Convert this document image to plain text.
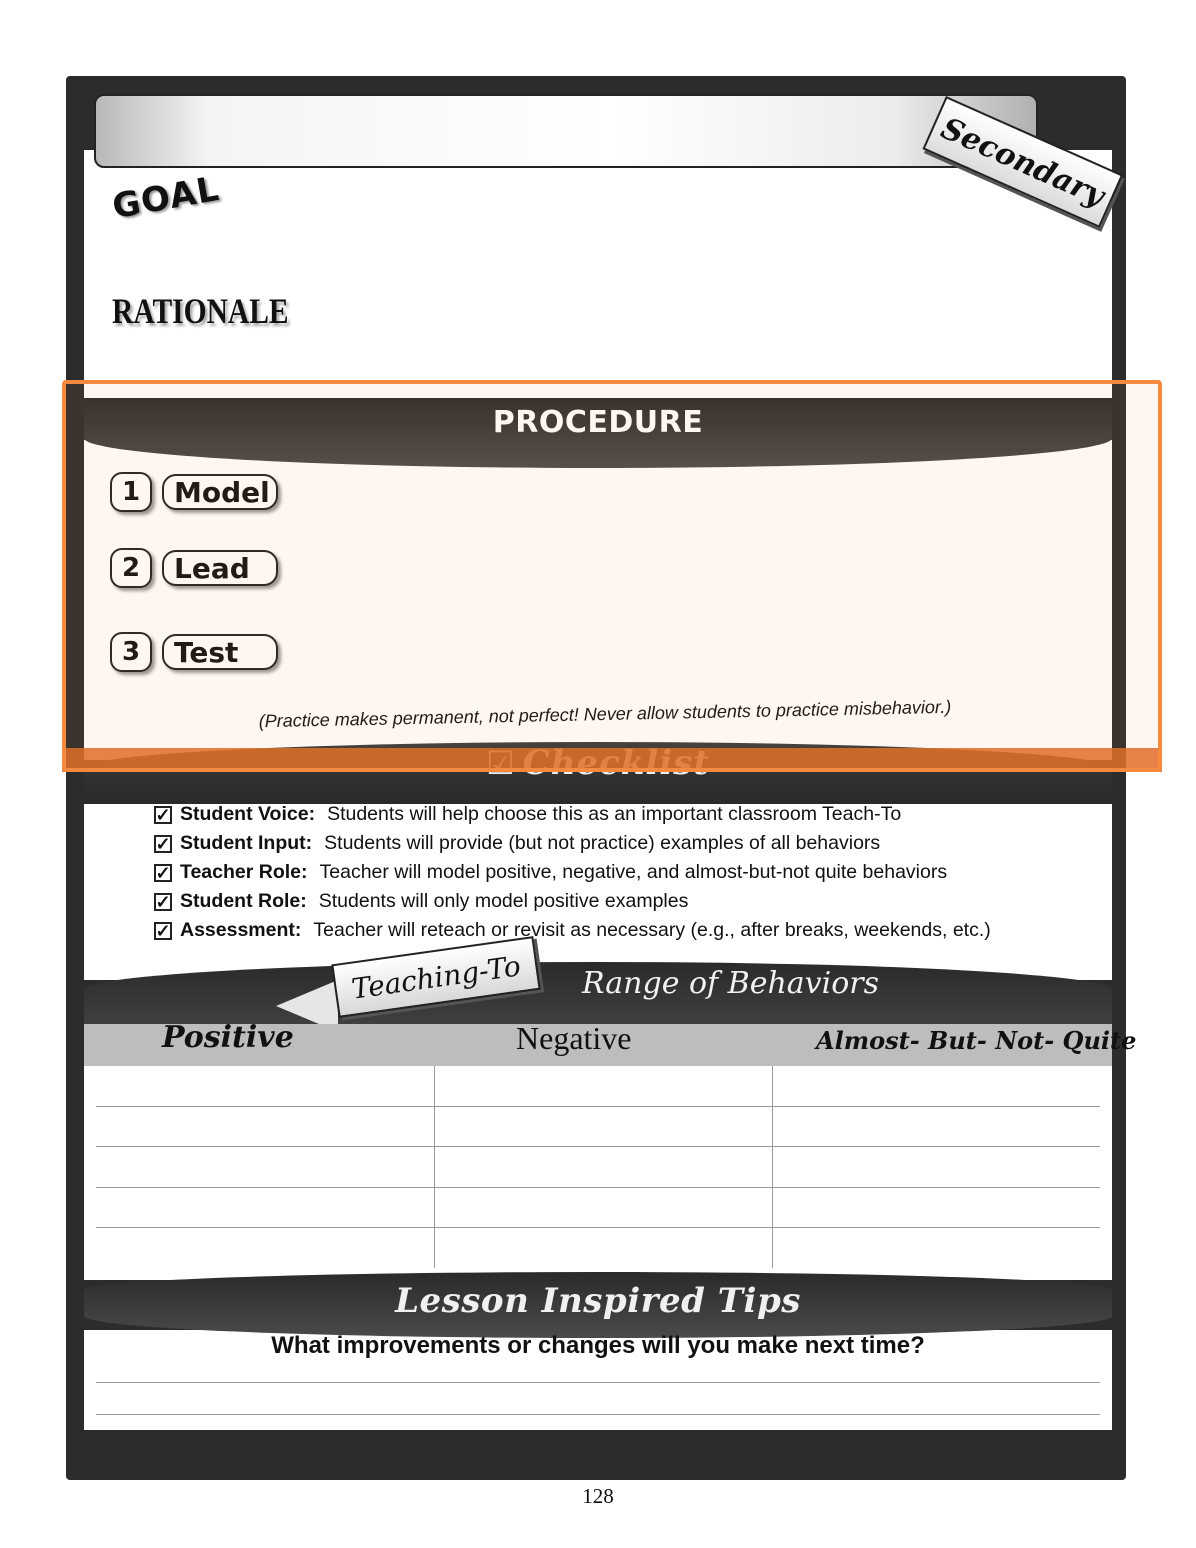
Secondary
GOAL
RATIONALE
PROCEDURE
1	Model
2	Lead
3	Test
(Practice makes permanent, not perfect! Never allow students to practice misbehavior.)
✓ Student Voice: Students will help choose this as an important classroom Teach-To
✓ Student Input: Students will provide (but not practice) examples of all behaviors
✓ Teacher Role: Teacher will model positive, negative, and almost-but-not quite behaviors
✓ Student Role: Students will only model positive examples
✓ Assessment: Teacher will reteach or revisit as necessary (e.g., after breaks, weekends, etc.)
Range of Behaviors
Teaching-To
Positive	Negative	Almost- But- Not- Quite
Lesson Inspired Tips
What improvements or changes will you make next time?
128
